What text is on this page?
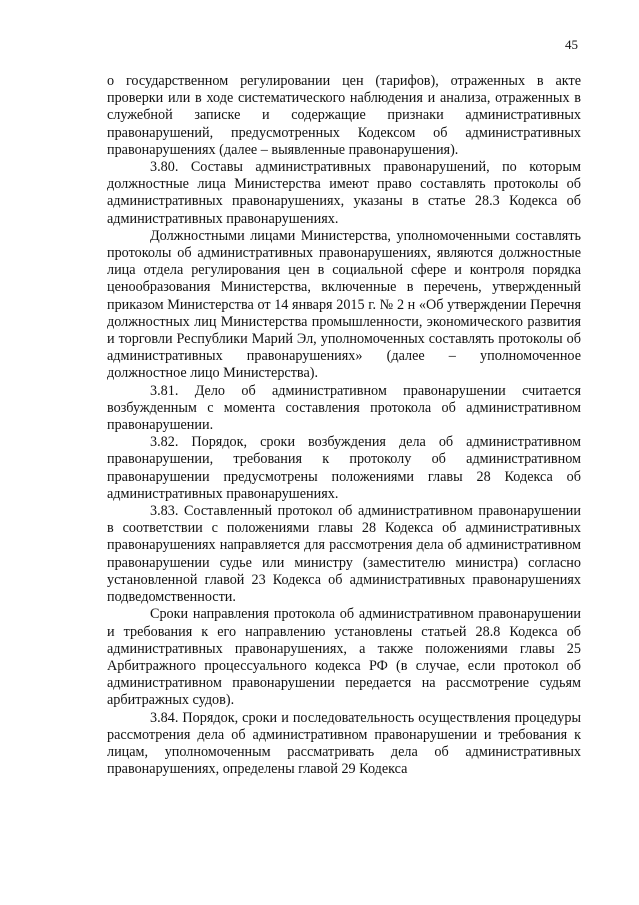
45

о государственном регулировании цен (тарифов), отраженных в акте проверки или в ходе систематического наблюдения и анализа, отраженных в служебной записке и содержащие признаки административных правонарушений, предусмотренных Кодексом об административных правонарушениях (далее – выявленные правонарушения).

3.80. Составы административных правонарушений, по которым должностные лица Министерства имеют право составлять протоколы об административных правонарушениях, указаны в статье 28.3 Кодекса об административных правонарушениях.

Должностными лицами Министерства, уполномоченными составлять протоколы об административных правонарушениях, являются должностные лица отдела регулирования цен в социальной сфере и контроля порядка ценообразования Министерства, включенные в перечень, утвержденный приказом Министерства от 14 января 2015 г. № 2 н «Об утверждении Перечня должностных лиц Министерства промышленности, экономического развития и торговли Республики Марий Эл, уполномоченных составлять протоколы об административных правонарушениях» (далее – уполномоченное должностное лицо Министерства).

3.81. Дело об административном правонарушении считается возбужденным с момента составления протокола об административном правонарушении.

3.82. Порядок, сроки возбуждения дела об административном правонарушении, требования к протоколу об административном правонарушении предусмотрены положениями главы 28 Кодекса об административных правонарушениях.

3.83. Составленный протокол об административном правонарушении в соответствии с положениями главы 28 Кодекса об административных правонарушениях направляется для рассмотрения дела об административном правонарушении судье или министру (заместителю министра) согласно установленной главой 23 Кодекса об административных правонарушениях подведомственности.

Сроки направления протокола об административном правонарушении и требования к его направлению установлены статьей 28.8 Кодекса об административных правонарушениях, а также положениями главы 25 Арбитражного процессуального кодекса РФ (в случае, если протокол об административном правонарушении передается на рассмотрение судьям арбитражных судов).

3.84. Порядок, сроки и последовательность осуществления процедуры рассмотрения дела об административном правонарушении и требования к лицам, уполномоченным рассматривать дела об административных правонарушениях, определены главой 29 Кодекса
